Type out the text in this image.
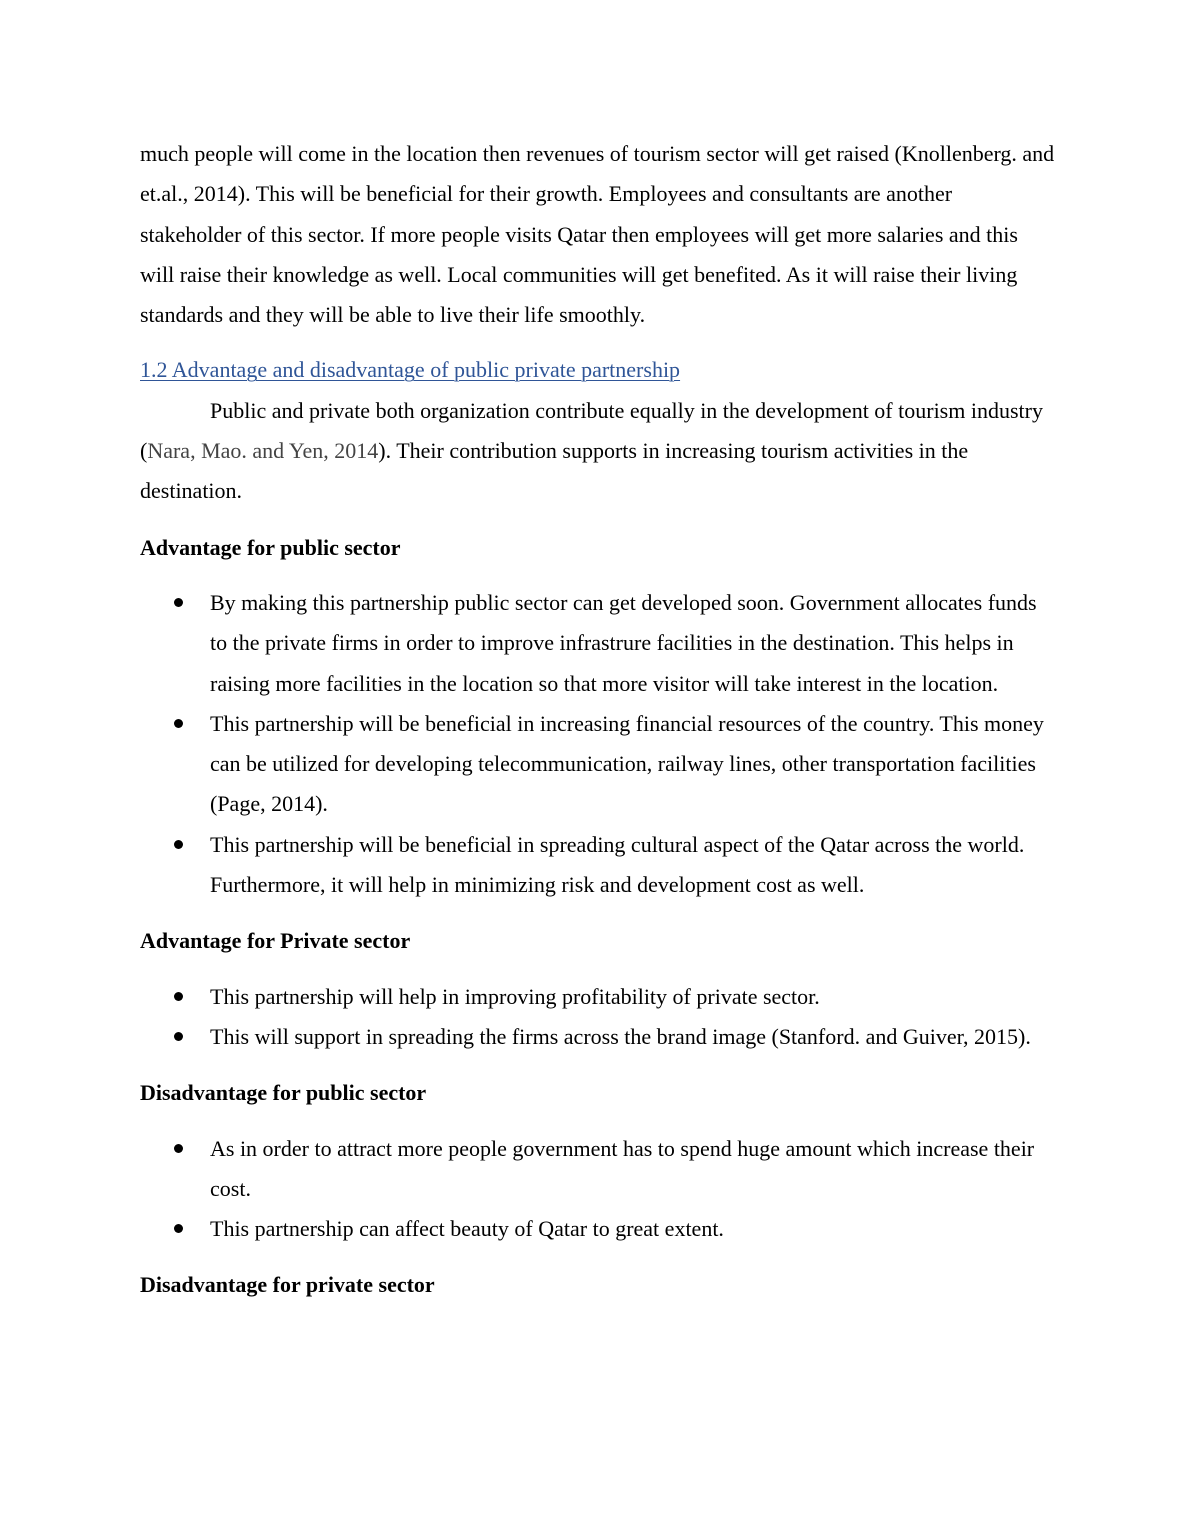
much people will come in the location then revenues of tourism sector will get raised (Knollenberg. and et.al., 2014). This will be beneficial for their growth. Employees and consultants are another stakeholder of this sector. If more people visits Qatar then employees will get more salaries and this will raise their knowledge as well. Local communities will get benefited. As it will raise their living standards and they will be able to live their life smoothly.

1.2 Advantage and disadvantage of public private partnership

Public and private both organization contribute equally in the development of tourism industry (Nara, Mao. and Yen, 2014). Their contribution supports in increasing tourism activities in the destination.

Advantage for public sector
By making this partnership public sector can get developed soon. Government allocates funds to the private firms in order to improve infrastrure facilities in the destination. This helps in raising more facilities in the location so that more visitor will take interest in the location.
This partnership will be beneficial in increasing financial resources of the country. This money can be utilized for developing telecommunication, railway lines, other transportation facilities (Page, 2014).
This partnership will be beneficial in spreading cultural aspect of the Qatar across the world. Furthermore, it will help in minimizing risk and development cost as well.
Advantage for Private sector
This partnership will help in improving profitability of private sector.
This will support in spreading the firms across the brand image (Stanford. and Guiver, 2015).
Disadvantage for public sector
As in order to attract more people government has to spend huge amount which increase their cost.
This partnership can affect beauty of Qatar to great extent.
Disadvantage for private sector
